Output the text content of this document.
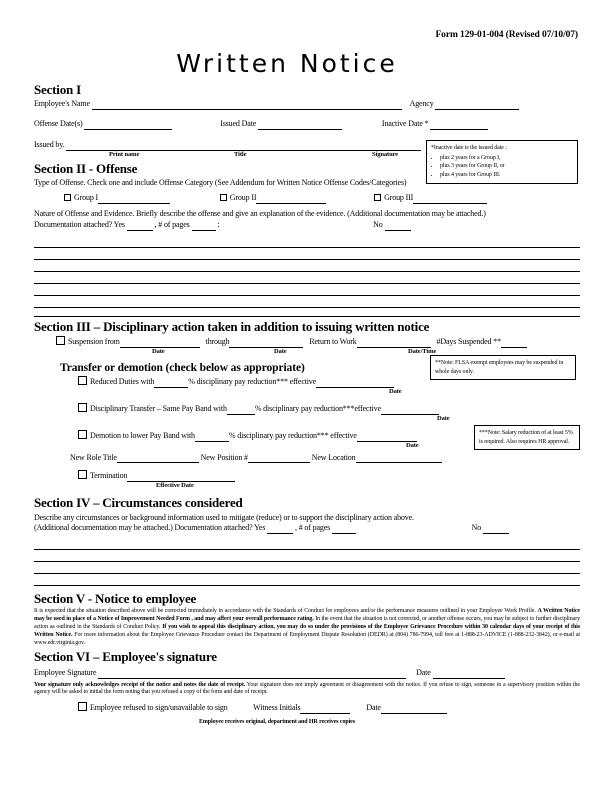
Form 129-01-004 (Revised 07/10/07)
Written Notice
Section I
Employee's Name	Agency
Offense Date(s)	Issued Date	Inactive Date *
Issued by.
Print name	Title	Signature
*Inactive date is the issued date :
• plus 2 years for a Group I,
• plus 3 years for Group II, or
• plus 4 years for Group III.
Section II - Offense
Type of Offense. Check one and include Offense Category (See Addendum for Written Notice Offense Codes/Categories)
Group I	Group II	Group III
Nature of Offense and Evidence. Briefly describe the offense and give an explanation of the evidence. (Additional documentation may be attached.)
Documentation attached? Yes	, # of pages	:	No
Section III – Disciplinary action taken in addition to issuing written notice
Suspension from	through	Return to Work	#Days Suspended **
Date	Date	Date/Time
Transfer or demotion (check below as appropriate)
Reduced Duties with	% disciplinary pay reduction*** effective
Date
Disciplinary Transfer – Same Pay Band with	% disciplinary pay reduction***effective
Date
Demotion to lower Pay Band with	% disciplinary pay reduction*** effective
Date
New Role Title	New Position #	New Location
Termination
Effective Date
**Note: FLSA exempt employees may be suspended in whole days only.
***Note: Salary reduction of at least 5% is required. Also requires HR approval.
Section IV – Circumstances considered
Describe any circumstances or background information used to mitigate (reduce) or to support the disciplinary action above.
(Additional documentation may be attached.) Documentation attached? Yes	, # of pages	No
Section V - Notice to employee
It is expected that the situation described above will be corrected immediately in accordance with the Standards of Conduct for employees and/or the performance measures outlined in your Employee Work Profile. A Written Notice may be used in place of a Notice of Improvement Needed Form , and may affect your overall performance rating. In the event that the situation is not corrected, or another offense occurs, you may be subject to further disciplinary action as outlined in the Standards of Conduct Policy. If you wish to appeal this disciplinary action, you may do so under the provisions of the Employee Grievance Procedure within 30 calendar days of your receipt of this Written Notice. For more information about the Employee Grievance Procedure contact the Department of Employment Dispute Resolution (DEDR) at (804) 786-7994, toll free at 1-888-23-ADVICE (1-888-232-3842), or e-mail at www.edr.virginia.gov.
Section VI – Employee's signature
Employee Signature	Date
Your signature only acknowledges receipt of the notice and notes the date of receipt. Your signature does not imply agreement or disagreement with the notice. If you refuse to sign, someone in a supervisory position within the agency will be asked to initial the form noting that you refused a copy of the form and date of receipt.
Employee refused to sign/unavailable to sign	Witness Initials	Date
Employee receives original, department and HR receives copies
